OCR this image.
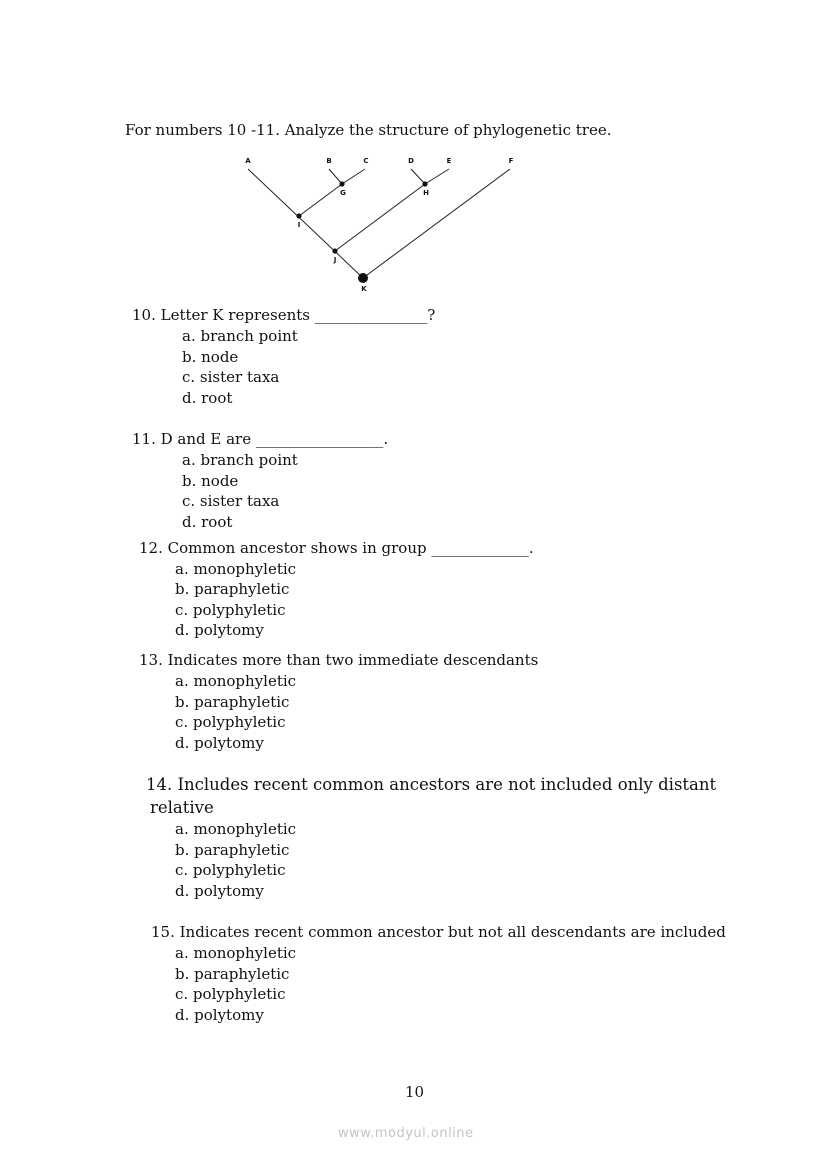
For numbers 10 -11. Analyze the structure of phylogenetic tree.
A	B	C	D	E	F
G	H
I
J
K
10. Letter K represents _______________?
a. branch point
b. node
c. sister taxa
d. root
11. D and E are _________________.
a. branch point
b. node
c. sister taxa
d. root
12. Common ancestor shows in group _____________.
a. monophyletic
b. paraphyletic
c. polyphyletic
d. polytomy
13. Indicates more than two immediate descendants
a. monophyletic
b. paraphyletic
c. polyphyletic
d. polytomy
14. Includes recent common ancestors are not included only distant
relative
a. monophyletic
b. paraphyletic
c. polyphyletic
d. polytomy
15. Indicates recent common ancestor but not all descendants are included
a. monophyletic
b. paraphyletic
c. polyphyletic
d. polytomy
10
www.modyul.online
